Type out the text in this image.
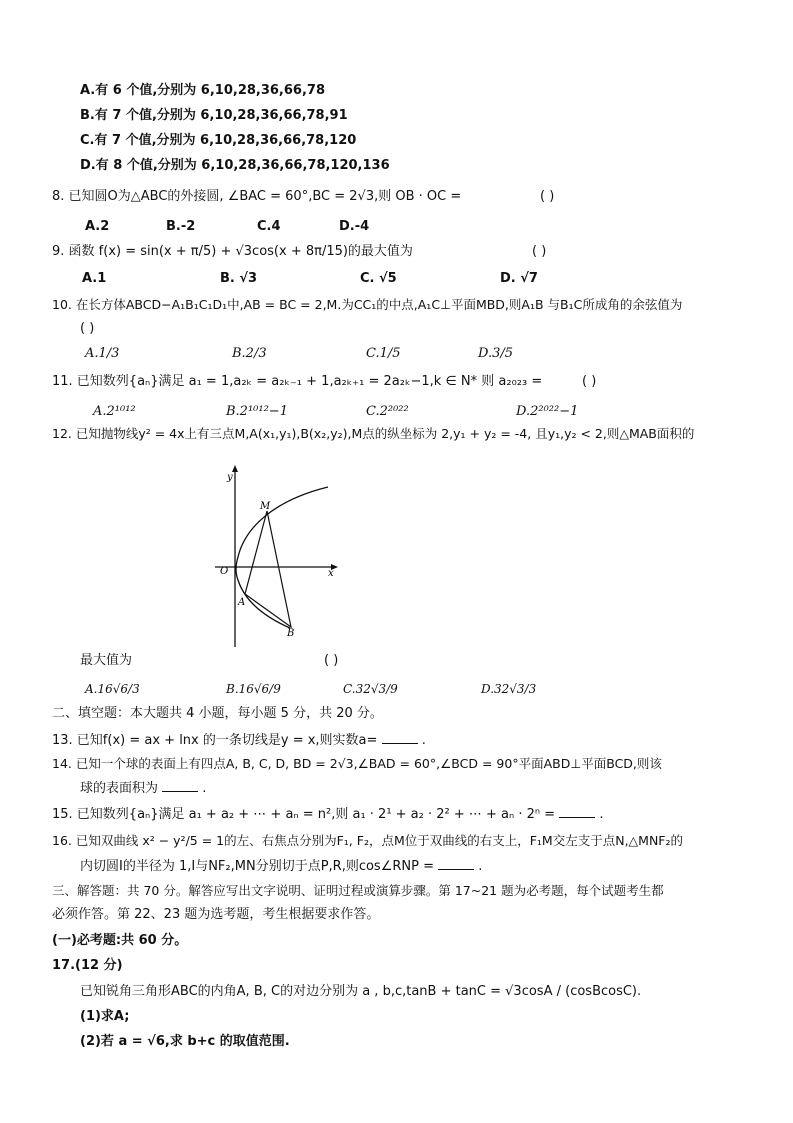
A.有 6 个值,分别为 6,10,28,36,66,78
B.有 7 个值,分别为 6,10,28,36,66,78,91
C.有 7 个值,分别为 6,10,28,36,66,78,120
D.有 8 个值,分别为 6,10,28,36,66,78,120,136
8. 已知圆O为△ABC的外接圆, ∠BAC = 60°,BC = 2√3,则 OB · OC =	( )
A.2	B.-2	C.4	D.-4
9. 函数 f(x) = sin(x + π/5) + √3cos(x + 8π/15)的最大值为	( )
A.1	B. √3	C. √5	D. √7
10. 在长方体ABCD−A₁B₁C₁D₁中,AB = BC = 2,M.为CC₁的中点,A₁C⊥平面MBD,则A₁B 与B₁C所成角的余弦值为
( )
A.1/3	B.2/3	C.1/5	D.3/5
11. 已知数列{aₙ}满足 a₁ = 1,a₂ₖ = a₂ₖ₋₁ + 1,a₂ₖ₊₁ = 2a₂ₖ−1,k ∈ N* 则 a₂₀₂₃ =	( )
A.2¹⁰¹²	B.2¹⁰¹²−1	C.2²⁰²²	D.2²⁰²²−1
12. 已知抛物线y² = 4x上有三点M,A(x₁,y₁),B(x₂,y₂),M点的纵坐标为 2,y₁ + y₂ = -4, 且y₁,y₂ < 2,则△MAB面积的
y
x
O
M
A
B
最大值为	( )
A.16√6/3	B.16√6/9	C.32√3/9	D.32√3/3
二、填空题：本大题共 4 小题，每小题 5 分，共 20 分。
13. 已知f(x) = ax + lnx 的一条切线是y = x,则实数a=	.
14. 已知一个球的表面上有四点A, B, C, D, BD = 2√3,∠BAD = 60°,∠BCD = 90°平面ABD⊥平面BCD,则该
球的表面积为	.
15. 已知数列{aₙ}满足 a₁ + a₂ + ⋯ + aₙ = n²,则 a₁ · 2¹ + a₂ · 2² + ⋯ + aₙ · 2ⁿ =	.
16. 已知双曲线 x² − y²/5 = 1的左、右焦点分别为F₁, F₂，点M位于双曲线的右支上，F₁M交左支于点N,△MNF₂的
内切圆I的半径为 1,I与NF₂,MN分别切于点P,R,则cos∠RNP =	.
三、解答题：共 70 分。解答应写出文字说明、证明过程或演算步骤。第 17~21 题为必考题，每个试题考生都
必须作答。第 22、23 题为选考题，考生根据要求作答。
(一)必考题:共 60 分。
17.(12 分)
已知锐角三角形ABC的内角A, B, C的对边分别为 a , b,c,tanB + tanC = √3cosA / (cosBcosC).
(1)求A;
(2)若 a = √6,求 b+c 的取值范围.
